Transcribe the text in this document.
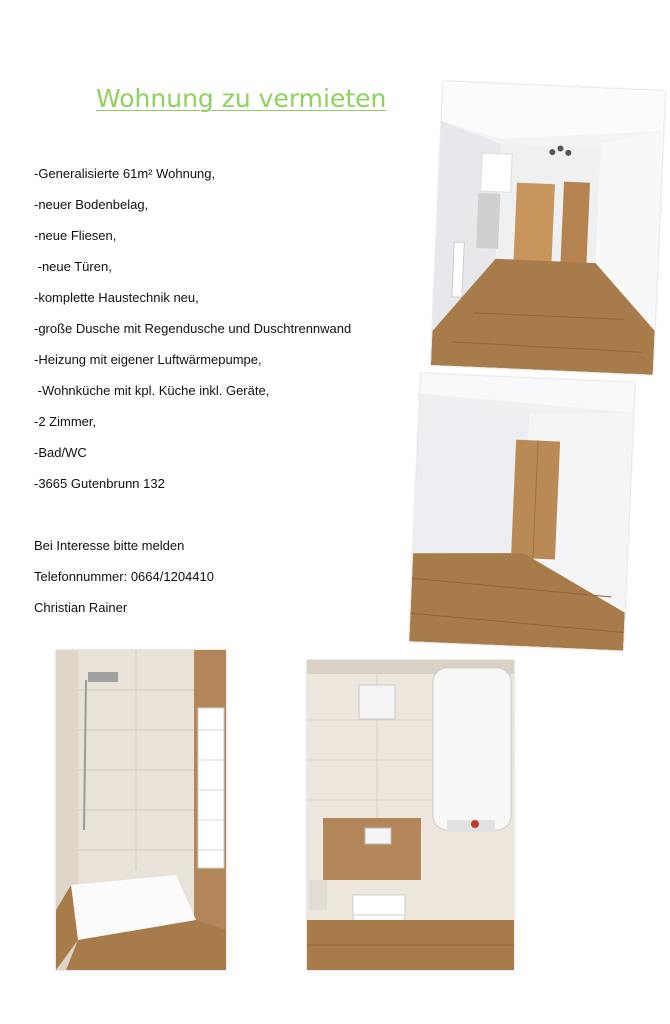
Wohnung zu vermieten
-Generalisierte 61m² Wohnung,
-neuer Bodenbelag,
-neue Fliesen,
-neue Türen,
-komplette Haustechnik neu,
-große Dusche mit Regendusche und Duschtrennwand
-Heizung mit eigener Luftwärmepumpe,
-Wohnküche mit kpl. Küche inkl. Geräte,
-2 Zimmer,
-Bad/WC
-3665 Gutenbrunn 132
Bei Interesse bitte melden
Telefonnummer: 0664/1204410
Christian Rainer
